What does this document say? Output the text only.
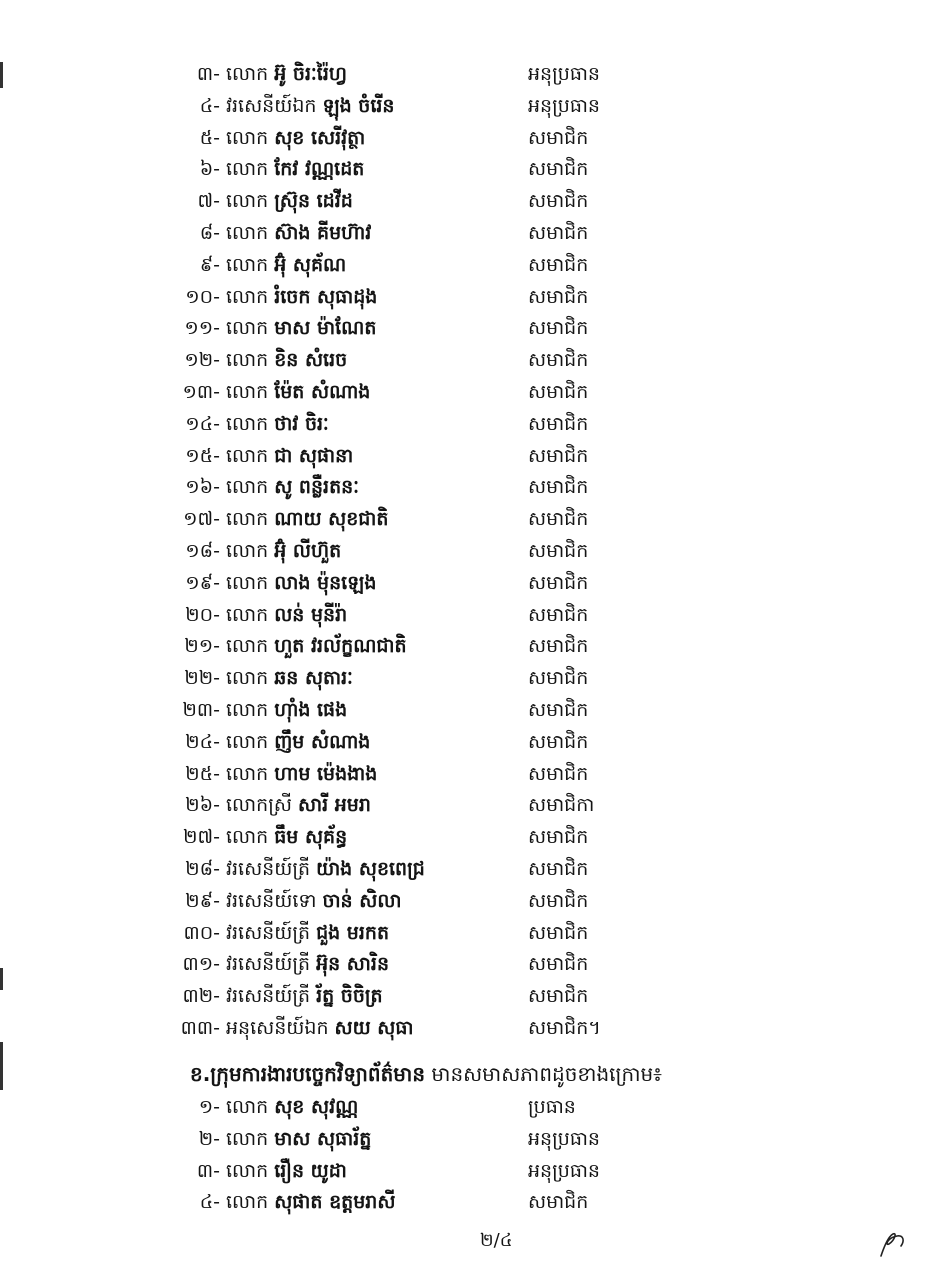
៣- លោក អ៊ូ ចិរៈរ៉ៃហ្វ	អនុប្រធាន
៤- វរសេនីយ៍ឯក ឡុង ចំរើន	អនុប្រធាន
៥- លោក សុខ សេរីវុត្ថា	សមាជិក
៦- លោក កែវ វណ្ណដេត	សមាជិក
៧- លោក ស៊្រុន ដេវីដ	សមាជិក
៨- លោក ស៊ាង គីមហ៊ាវ	សមាជិក
៩- លោក អ៊ុំ សុគ័ណ	សមាជិក
១០- លោក រំចេក សុធាដុង	សមាជិក
១១- លោក មាស ម៉ាណែត	សមាជិក
១២- លោក ខិន សំរេច	សមាជិក
១៣- លោក ម៉ែត សំណាង	សមាជិក
១៤- លោក ថាវ ចិរៈ	សមាជិក
១៥- លោក ជា សុផានា	សមាជិក
១៦- លោក សូ ពន្លឺរតនៈ	សមាជិក
១៧- លោក ណាយ សុខជាតិ	សមាជិក
១៨- លោក អ៊ុំ លីហ៊ួត	សមាជិក
១៩- លោក លាង ម៉ុនឡេង	សមាជិក
២០- លោក លន់ មុនីរ៉ា	សមាជិក
២១- លោក ហួត វរល័ក្ខណជាតិ	សមាជិក
២២- លោក ឆន សុតារៈ	សមាជិក
២៣- លោក ហ៊ាំង ផេង	សមាជិក
២៤- លោក ញឹម សំណាង	សមាជិក
២៥- លោក ហាម ម៉េងងាង	សមាជិក
២៦- លោកស្រី សារី អមរា	សមាជិកា
២៧- លោក ធឹម សុគ័ន្ធ	សមាជិក
២៨- វរសេនីយ៍ត្រី យ៉ាង សុខពេជ្រ	សមាជិក
២៩- វរសេនីយ៍ទោ ចាន់ សិលា	សមាជិក
៣០- វរសេនីយ៍ត្រី ជួង មរកត	សមាជិក
៣១- វរសេនីយ៍ត្រី អ៊ុន សារិន	សមាជិក
៣២- វរសេនីយ៍ត្រី រ័ត្ន ចិចិត្រ	សមាជិក
៣៣- អនុសេនីយ៍ឯក សយ សុធា	សមាជិក។
ខ.ក្រុមការងារបច្ចេកវិទ្យាព័ត៌មាន មានសមាសភាពដូចខាងក្រោម៖
១- លោក សុខ សុវណ្ណ	ប្រធាន
២- លោក មាស សុធារ័ត្ន	អនុប្រធាន
៣- លោក រឿន យូដា	អនុប្រធាន
៤- លោក សុផាត ឧត្តមរាសី	សមាជិក
២/៤
